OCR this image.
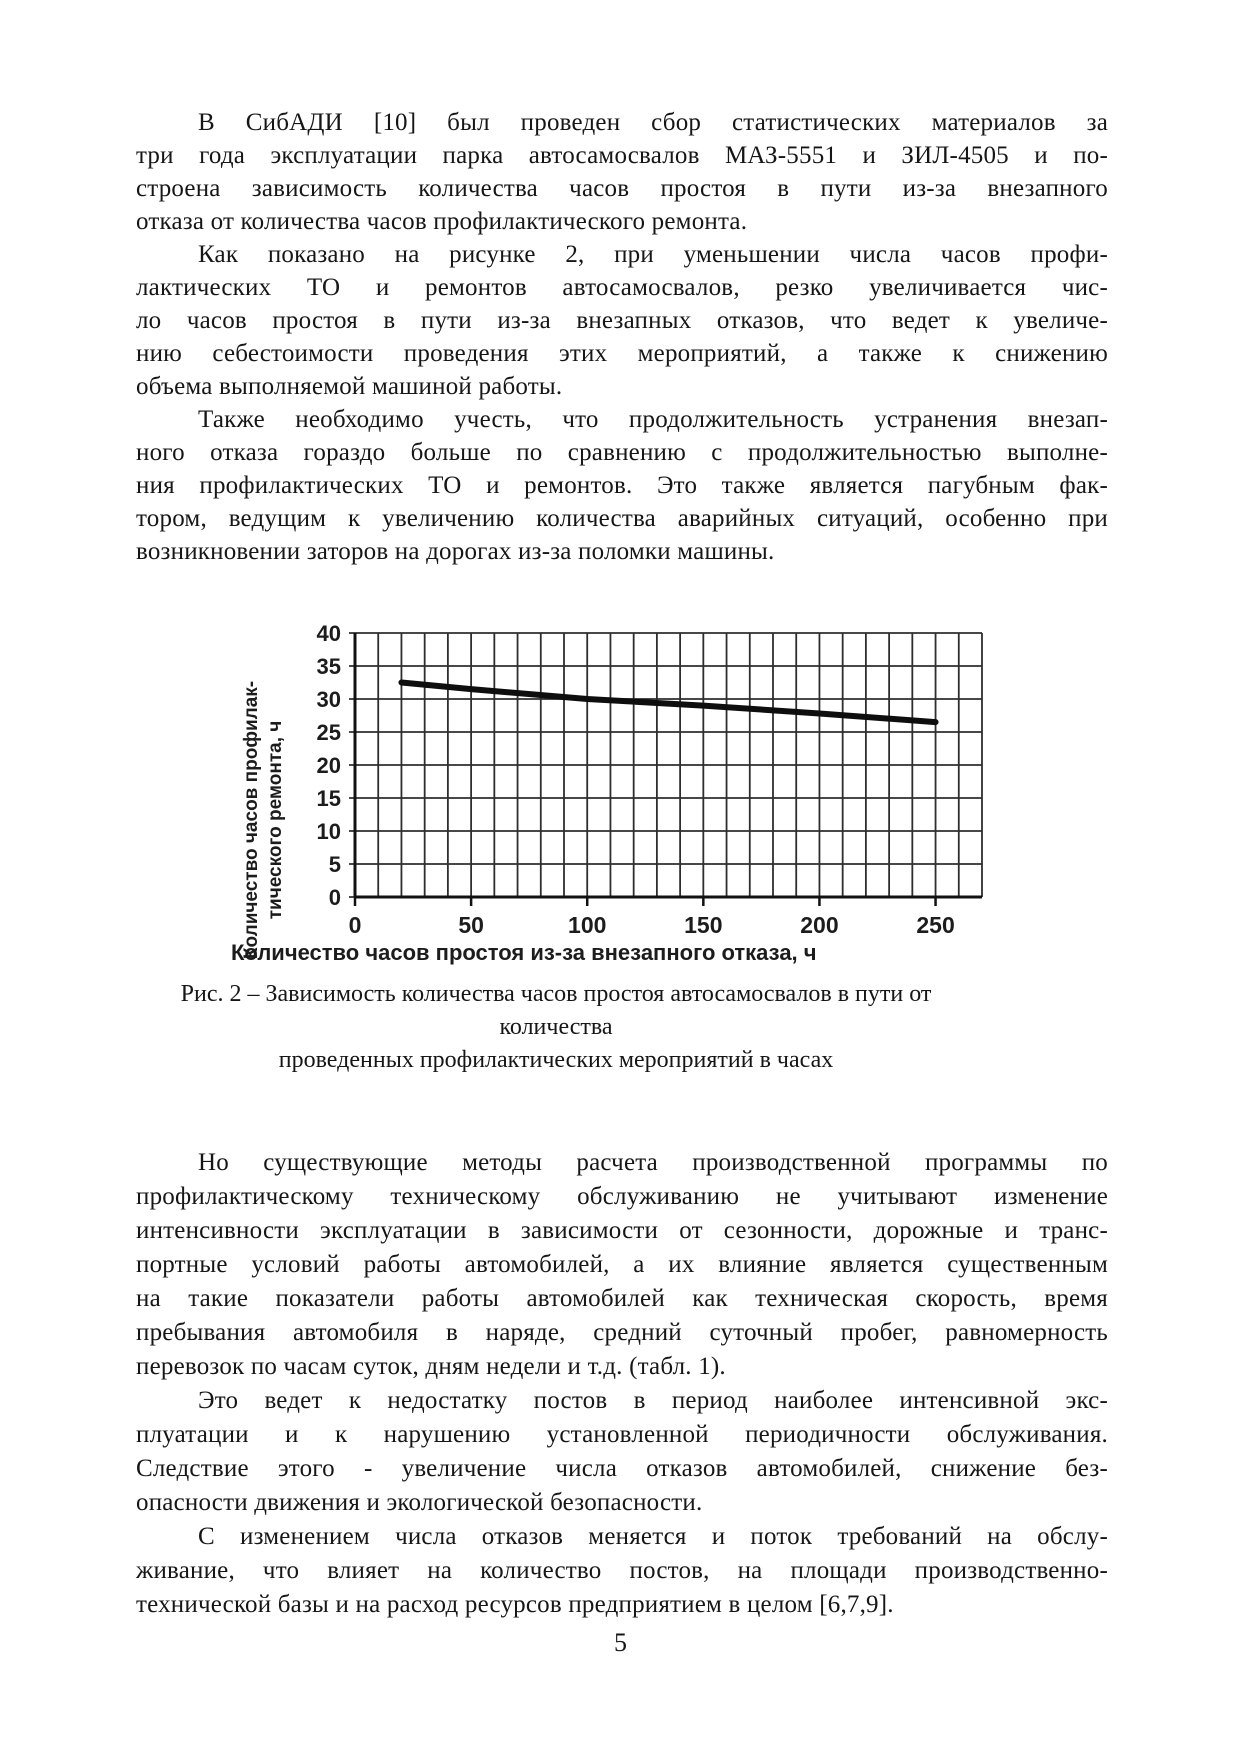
В СибАДИ [10] был проведен сбор статистических материалов за
три года эксплуатации парка автосамосвалов МАЗ-5551 и ЗИЛ-4505 и по-
строена зависимость количества часов простоя в пути из-за внезапного
отказа от количества часов профилактического ремонта.
Как показано на рисунке 2, при уменьшении числа часов профи-
лактических ТО и ремонтов автосамосвалов, резко увеличивается чис-
ло часов простоя в пути из-за внезапных отказов, что ведет к увеличе-
нию себестоимости проведения этих мероприятий, а также к снижению
объема выполняемой машиной работы.
Также необходимо учесть, что продолжительность устранения внезап-
ного отказа гораздо больше по сравнению с продолжительностью выполне-
ния профилактических ТО и ремонтов. Это также является пагубным фак-
тором, ведущим к увеличению количества аварийных ситуаций, особенно при
возникновении заторов на дорогах из-за поломки машины.
0	50	100	150	200	250
0
5
10
15
20
25
30
35
40
Количество часов простоя из-за внезапного отказа, ч
Количество часов профилак- тического ремонта, ч
Рис. 2 – Зависимость количества часов простоя автосамосвалов в пути от количества
проведенных профилактических мероприятий в часах
Но существующие методы расчета производственной программы по
профилактическому техническому обслуживанию не учитывают изменение
интенсивности эксплуатации в зависимости от сезонности, дорожные и транс-
портные условий работы автомобилей, а их влияние является существенным
на такие показатели работы автомобилей как техническая скорость, время
пребывания автомобиля в наряде, средний суточный пробег, равномерность
перевозок по часам суток, дням недели и т.д. (табл. 1).
Это ведет к недостатку постов в период наиболее интенсивной экс-
плуатации и к нарушению установленной периодичности обслуживания.
Следствие этого - увеличение числа отказов автомобилей, снижение без-
опасности движения и экологической безопасности.
С изменением числа отказов меняется и поток требований на обслу-
живание, что влияет на количество постов, на площади производственно-
технической базы и на расход ресурсов предприятием в целом [6,7,9].
5
